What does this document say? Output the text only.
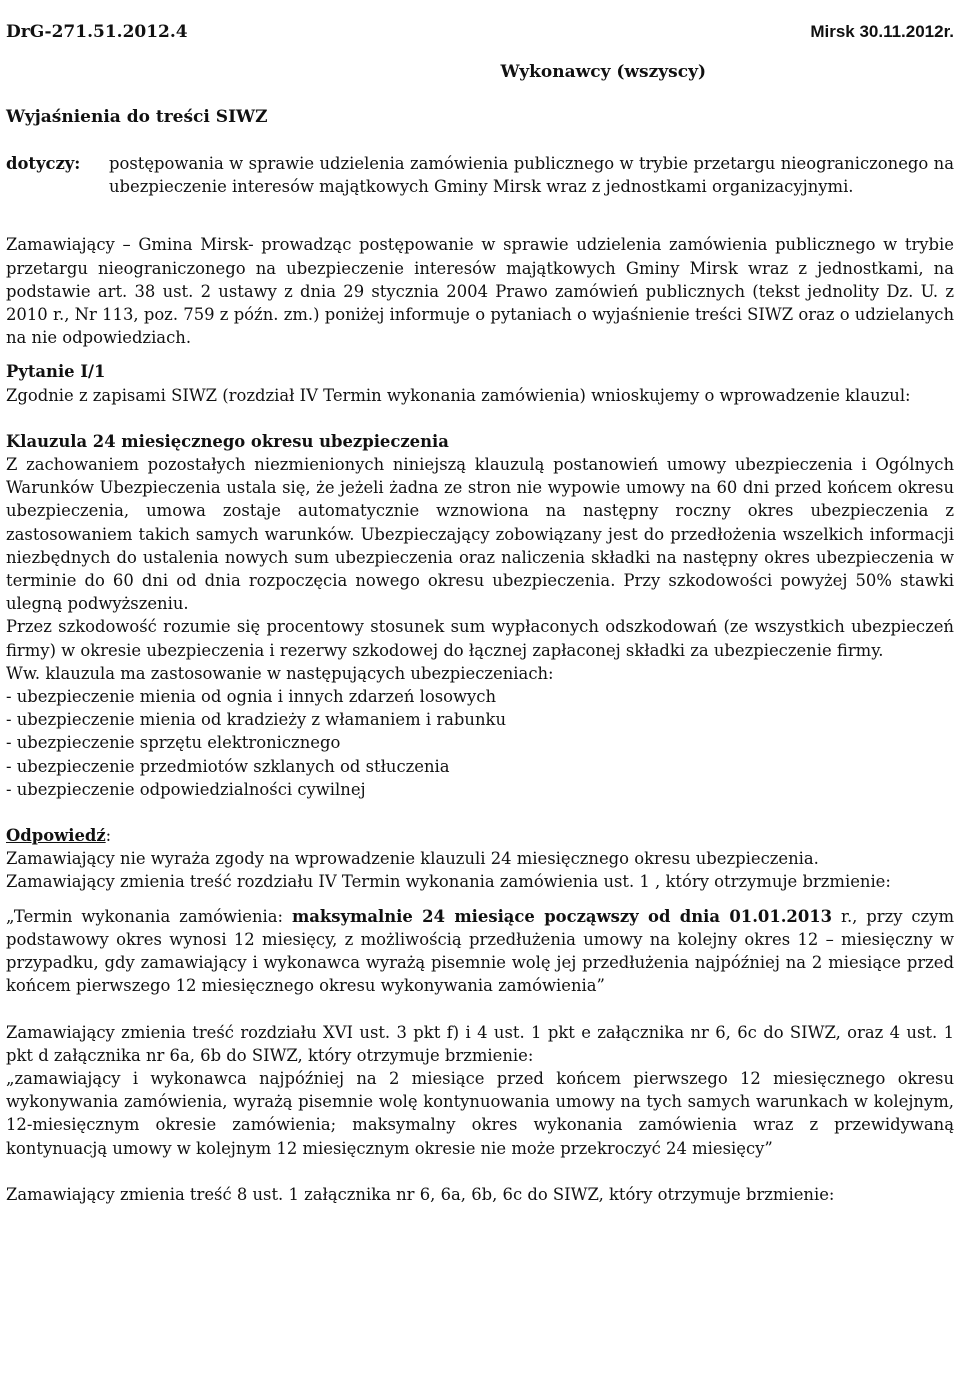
DrG-271.51.2012.4	Mirsk 30.11.2012r.
Wykonawcy (wszyscy)
Wyjaśnienia do treści SIWZ
dotyczy:	postępowania w sprawie udzielenia zamówienia publicznego w trybie przetargu nieograniczonego na ubezpieczenie interesów majątkowych Gminy Mirsk wraz z jednostkami organizacyjnymi.

Zamawiający – Gmina Mirsk- prowadząc postępowanie w sprawie udzielenia zamówienia publicznego w trybie przetargu nieograniczonego na ubezpieczenie interesów majątkowych Gminy Mirsk wraz z jednostkami, na podstawie art. 38 ust. 2 ustawy z dnia 29 stycznia 2004 Prawo zamówień publicznych (tekst jednolity Dz. U. z 2010 r., Nr 113, poz. 759 z późn. zm.) poniżej informuje o pytaniach o wyjaśnienie treści SIWZ oraz o udzielanych na nie odpowiedziach.

Pytanie I/1

Zgodnie z zapisami SIWZ (rozdział IV Termin wykonania zamówienia) wnioskujemy o wprowadzenie klauzul:

Klauzula 24 miesięcznego okresu ubezpieczenia

Z zachowaniem pozostałych niezmienionych niniejszą klauzulą postanowień umowy ubezpieczenia i Ogólnych Warunków Ubezpieczenia ustala się, że jeżeli żadna ze stron nie wypowie umowy na 60 dni przed końcem okresu ubezpieczenia, umowa zostaje automatycznie wznowiona na następny roczny okres ubezpieczenia z zastosowaniem takich samych warunków. Ubezpieczający zobowiązany jest do przedłożenia wszelkich informacji niezbędnych do ustalenia nowych sum ubezpieczenia oraz naliczenia składki na następny okres ubezpieczenia w terminie do 60 dni od dnia rozpoczęcia nowego okresu ubezpieczenia. Przy szkodowości powyżej 50% stawki ulegną podwyższeniu.

Przez szkodowość rozumie się procentowy stosunek sum wypłaconych odszkodowań (ze wszystkich ubezpieczeń firmy) w okresie ubezpieczenia i rezerwy szkodowej do łącznej zapłaconej składki za ubezpieczenie firmy.

Ww. klauzula ma zastosowanie w następujących ubezpieczeniach:

- ubezpieczenie mienia od ognia i innych zdarzeń losowych
- ubezpieczenie mienia od kradzieży z włamaniem i rabunku
- ubezpieczenie sprzętu elektronicznego
- ubezpieczenie przedmiotów szklanych od stłuczenia
- ubezpieczenie odpowiedzialności cywilnej

Odpowiedź:

Zamawiający nie wyraża zgody na wprowadzenie klauzuli 24 miesięcznego okresu ubezpieczenia.

Zamawiający zmienia treść rozdziału IV Termin wykonania zamówienia ust. 1 , który otrzymuje brzmienie:

„Termin wykonania zamówienia: maksymalnie 24 miesiące począwszy od dnia 01.01.2013 r., przy czym podstawowy okres wynosi 12 miesięcy, z możliwością przedłużenia umowy na kolejny okres 12 – miesięczny w przypadku, gdy zamawiający i wykonawca wyrażą pisemnie wolę jej przedłużenia najpóźniej na 2 miesiące przed końcem pierwszego 12 miesięcznego okresu wykonywania zamówienia”

Zamawiający zmienia treść rozdziału XVI ust. 3 pkt f) i 4 ust. 1 pkt e załącznika nr 6, 6c do SIWZ, oraz 4 ust. 1 pkt d załącznika nr 6a, 6b do SIWZ, który otrzymuje brzmienie:

„zamawiający i wykonawca najpóźniej na 2 miesiące przed końcem pierwszego 12 miesięcznego okresu wykonywania zamówienia, wyrażą pisemnie wolę kontynuowania umowy na tych samych warunkach w kolejnym, 12-miesięcznym okresie zamówienia; maksymalny okres wykonania zamówienia wraz z przewidywaną kontynuacją umowy w kolejnym 12 miesięcznym okresie nie może przekroczyć 24 miesięcy”

Zamawiający zmienia treść 8 ust. 1 załącznika nr 6, 6a, 6b, 6c do SIWZ, który otrzymuje brzmienie:
